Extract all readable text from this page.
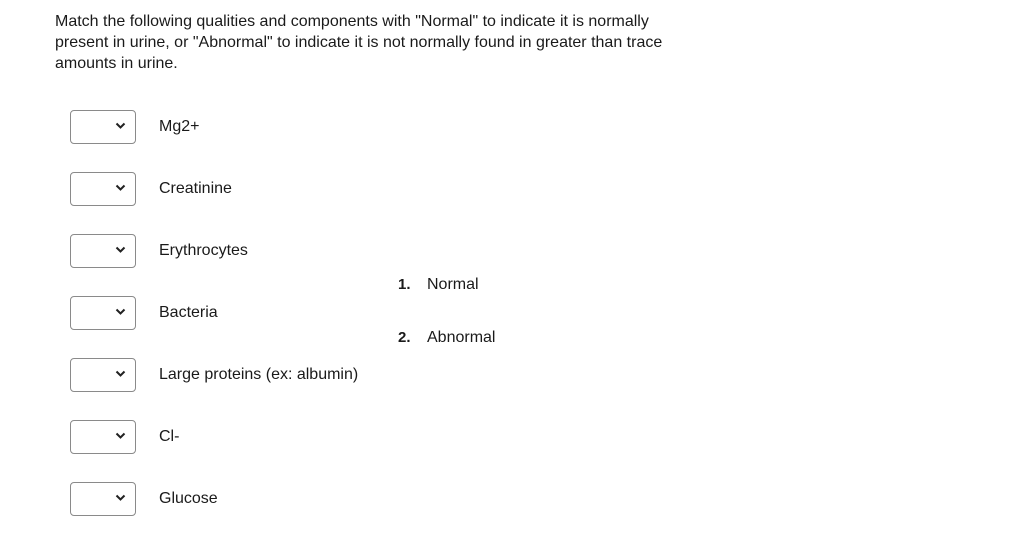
Match the following qualities and components with "Normal" to indicate it is normally present in urine, or "Abnormal" to indicate it is not normally found in greater than trace amounts in urine.
Mg2+
Creatinine
Erythrocytes
Bacteria
Large proteins (ex: albumin)
Cl-
Glucose
1. Normal
2. Abnormal
